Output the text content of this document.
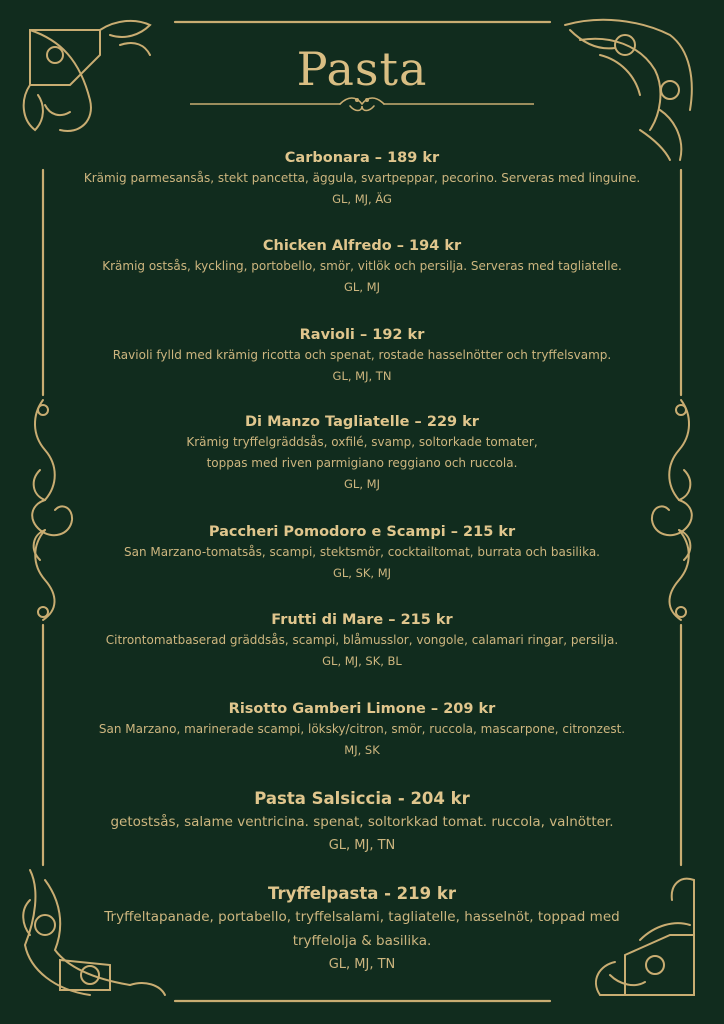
Pasta
Carbonara – 189 kr
Krämig parmesansås, stekt pancetta, äggula, svartpeppar, pecorino. Serveras med linguine.
GL, MJ, ÄG
Chicken Alfredo – 194 kr
Krämig ostsås, kyckling, portobello, smör, vitlök och persilja. Serveras med tagliatelle.
GL, MJ
Ravioli – 192 kr
Ravioli fylld med krämig ricotta och spenat, rostade hasselnötter och tryffelsvamp.
GL, MJ, TN
Di Manzo Tagliatelle – 229 kr
Krämig tryffelgräddsås, oxfilé, svamp, soltorkade tomater,
toppas med riven parmigiano reggiano och ruccola.
GL, MJ
Paccheri Pomodoro e Scampi – 215 kr
San Marzano-tomatsås, scampi, stektsmör, cocktailtomat, burrata och basilika.
GL, SK, MJ
Frutti di Mare – 215 kr
Citrontomatbaserad gräddsås, scampi, blåmusslor, vongole, calamari ringar, persilja.
GL, MJ, SK, BL
Risotto Gamberi Limone – 209 kr
San Marzano, marinerade scampi, löksky/citron, smör, ruccola, mascarpone, citronzest.
MJ, SK
Pasta Salsiccia - 204 kr
getostsås, salame ventricina. spenat, soltorkkad tomat. ruccola, valnötter.
GL, MJ, TN
Tryffelpasta - 219 kr
Tryffeltapanade, portabello, tryffelsalami, tagliatelle, hasselnöt, toppad med
tryffelolja & basilika.
GL, MJ, TN
